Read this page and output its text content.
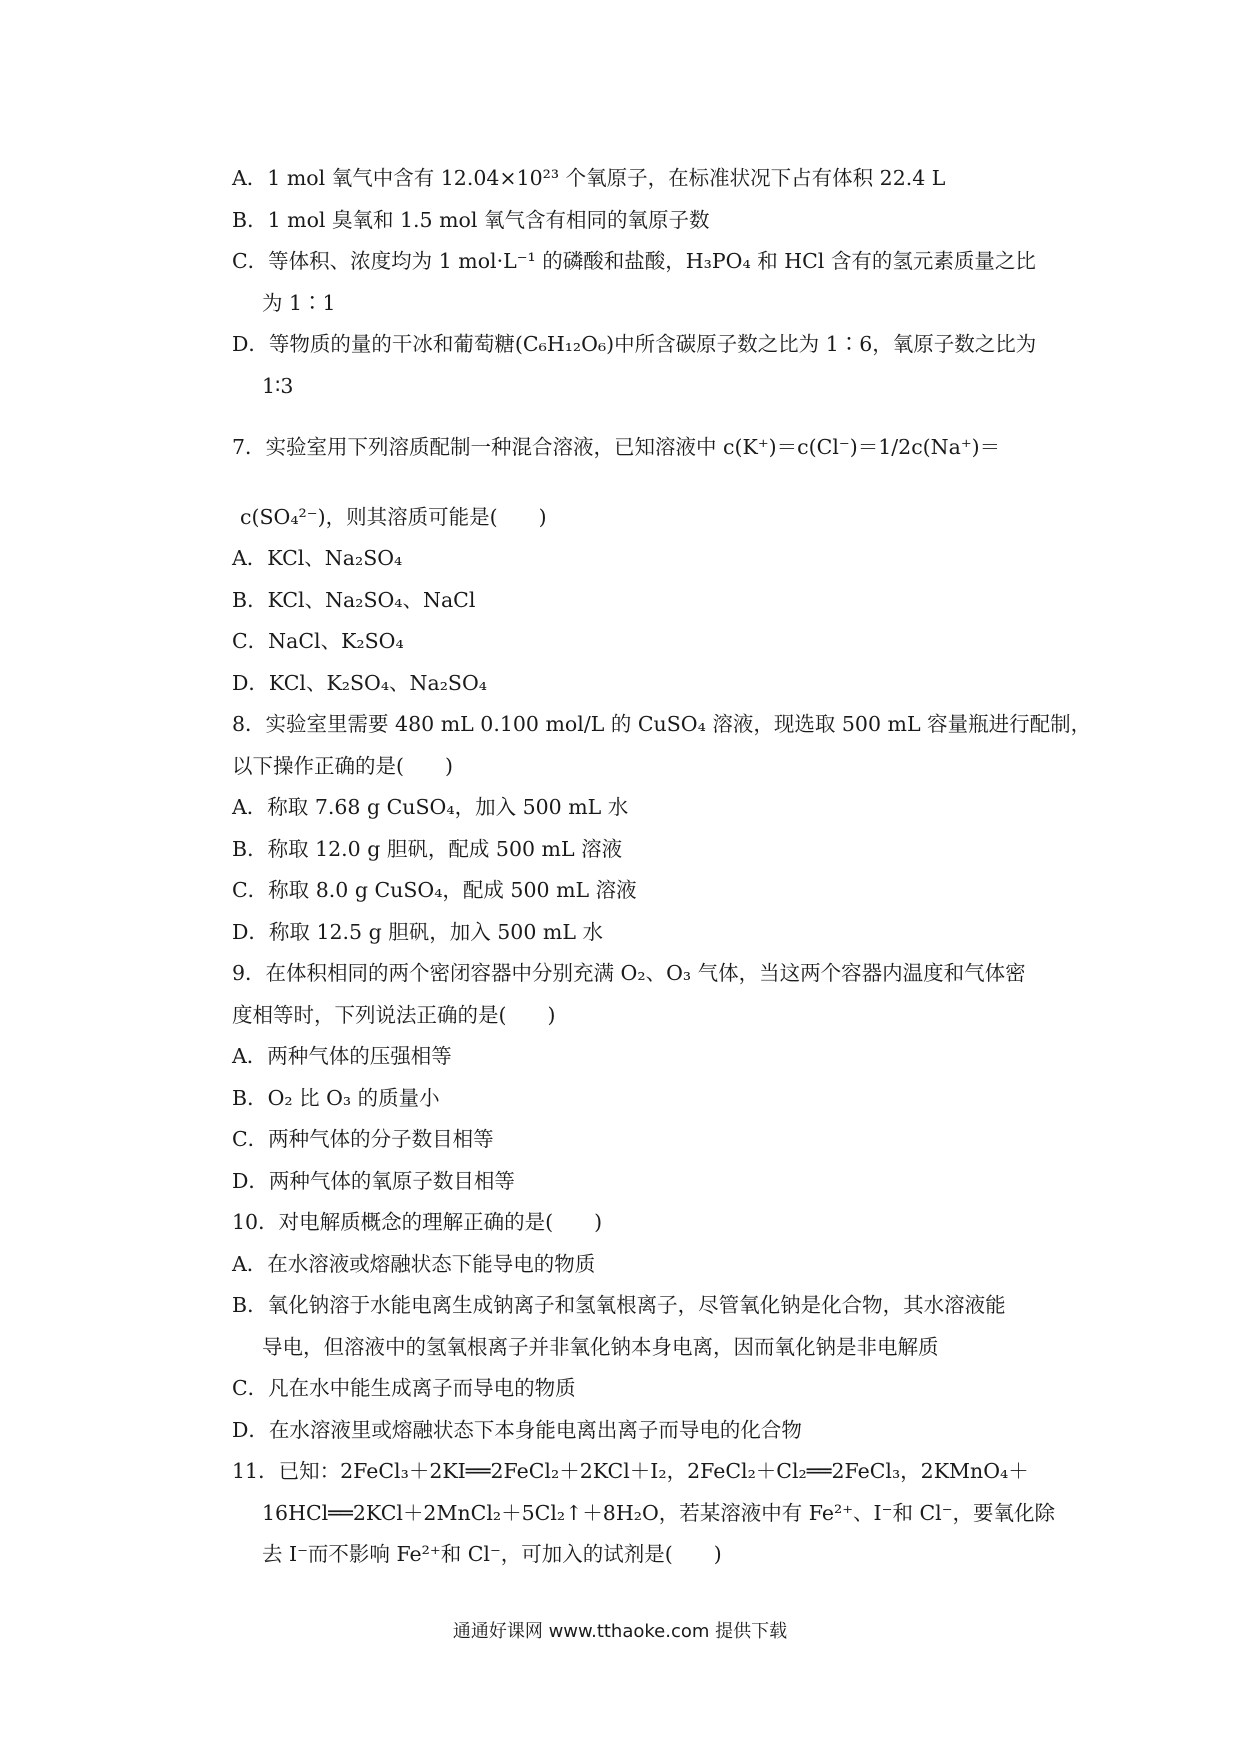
A．1 mol 氧气中含有 12.04×10²³ 个氧原子，在标准状况下占有体积 22.4 L

B．1 mol 臭氧和 1.5 mol 氧气含有相同的氧原子数

C．等体积、浓度均为 1 mol·L⁻¹ 的磷酸和盐酸，H₃PO₄ 和 HCl 含有的氢元素质量之比

为 1∶1

D．等物质的量的干冰和葡萄糖(C₆H₁₂O₆)中所含碳原子数之比为 1∶6，氧原子数之比为

1∶3

7．实验室用下列溶质配制一种混合溶液，已知溶液中 c(K⁺)＝c(Cl⁻)＝1/2c(Na⁺)＝

c(SO₄²⁻)，则其溶质可能是(　　)

A．KCl、Na₂SO₄

B．KCl、Na₂SO₄、NaCl

C．NaCl、K₂SO₄

D．KCl、K₂SO₄、Na₂SO₄

8．实验室里需要 480 mL 0.100 mol/L 的 CuSO₄ 溶液，现选取 500 mL 容量瓶进行配制，

以下操作正确的是(　　)

A．称取 7.68 g CuSO₄，加入 500 mL 水

B．称取 12.0 g 胆矾，配成 500 mL 溶液

C．称取 8.0 g CuSO₄，配成 500 mL 溶液

D．称取 12.5 g 胆矾，加入 500 mL 水

9．在体积相同的两个密闭容器中分别充满 O₂、O₃ 气体，当这两个容器内温度和气体密

度相等时，下列说法正确的是(　　)

A．两种气体的压强相等

B．O₂ 比 O₃ 的质量小

C．两种气体的分子数目相等

D．两种气体的氧原子数目相等

10．对电解质概念的理解正确的是(　　)

A．在水溶液或熔融状态下能导电的物质

B．氧化钠溶于水能电离生成钠离子和氢氧根离子，尽管氧化钠是化合物，其水溶液能

导电，但溶液中的氢氧根离子并非氧化钠本身电离，因而氧化钠是非电解质

C．凡在水中能生成离子而导电的物质

D．在水溶液里或熔融状态下本身能电离出离子而导电的化合物

11．已知：2FeCl₃＋2KI══2FeCl₂＋2KCl＋I₂，2FeCl₂＋Cl₂══2FeCl₃，2KMnO₄＋

16HCl══2KCl＋2MnCl₂＋5Cl₂↑＋8H₂O，若某溶液中有 Fe²⁺、I⁻和 Cl⁻，要氧化除

去 I⁻而不影响 Fe²⁺和 Cl⁻，可加入的试剂是(　　)

通通好课网 www.tthaoke.com 提供下载
